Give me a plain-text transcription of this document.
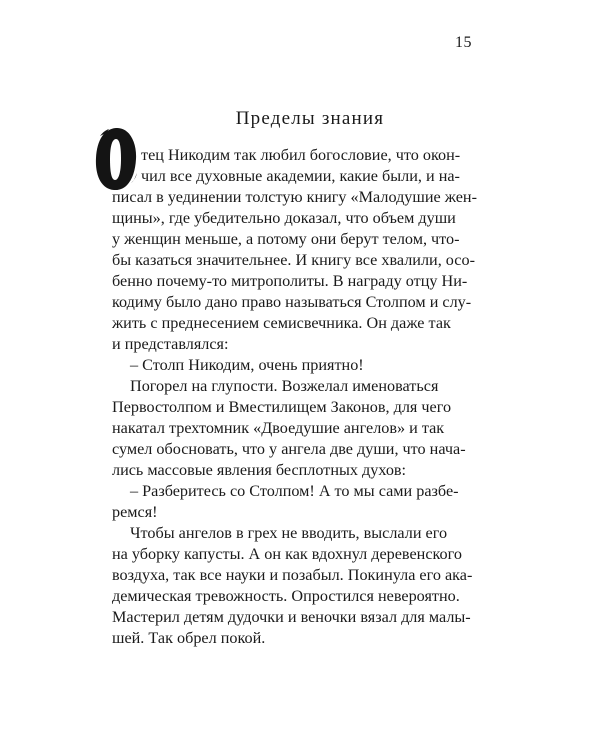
15
Пределы знания
тец Никодим так любил богословие, что окон-
чил все духовные академии, какие были, и на-
писал в уединении толстую книгу «Малодушие жен-
щины», где убедительно доказал, что объем души
у женщин меньше, а потому они берут телом, что-
бы казаться значительнее. И книгу все хвалили, осо-
бенно почему-то митрополиты. В награду отцу Ни-
кодиму было дано право называться Столпом и слу-
жить с преднесением семисвечника. Он даже так
и представлялся:
– Столп Никодим, очень приятно!
Погорел на глупости. Возжелал именоваться
Первостолпом и Вместилищем Законов, для чего
накатал трехтомник «Двоедушие ангелов» и так
сумел обосновать, что у ангела две души, что нача-
лись массовые явления бесплотных духов:
– Разберитесь со Столпом! А то мы сами разбе-
ремся!
Чтобы ангелов в грех не вводить, выслали его
на уборку капусты. А он как вдохнул деревенского
воздуха, так все науки и позабыл. Покинула его ака-
демическая тревожность. Опростился невероятно.
Мастерил детям дудочки и веночки вязал для малы-
шей. Так обрел покой.
